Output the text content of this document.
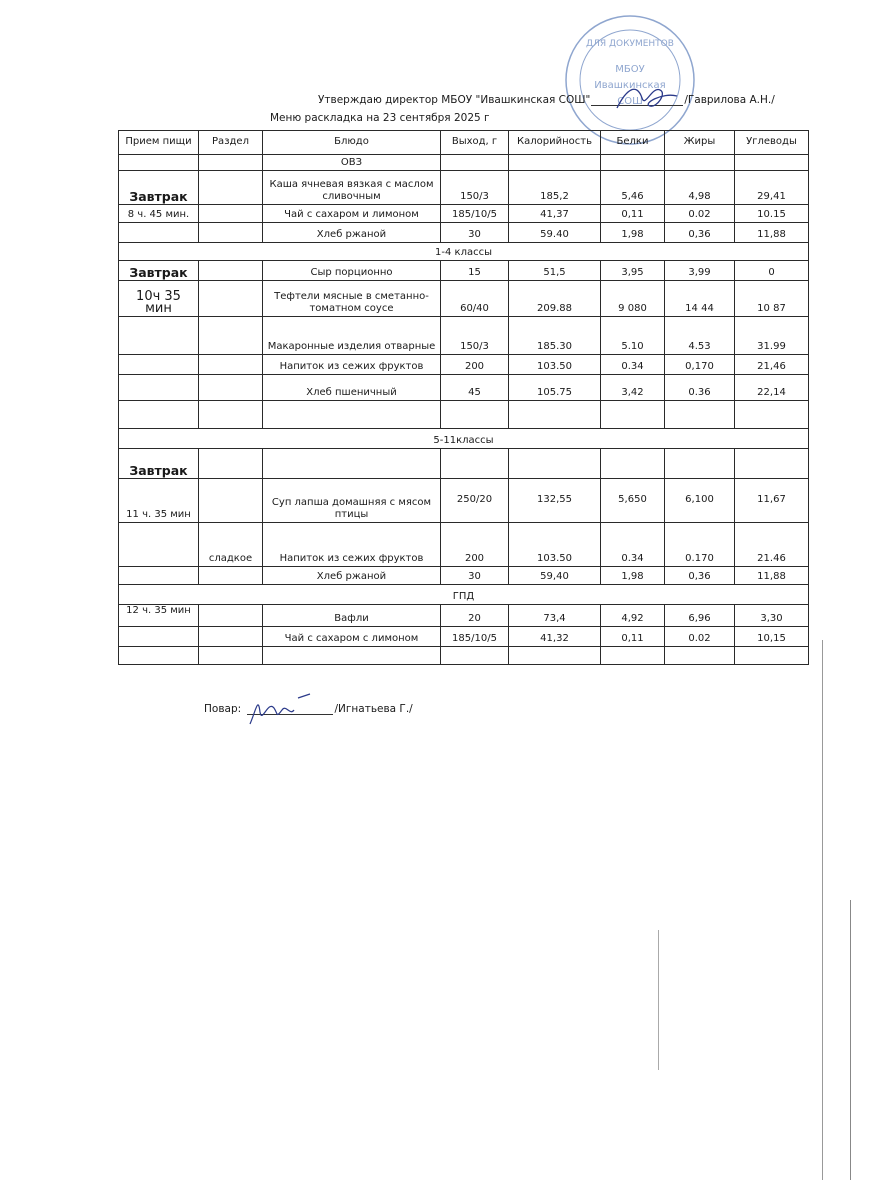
ДЛЯ ДОКУМЕНТОВ
МБОУ
Ивашкинская
СОШ
Утверждаю директор МБОУ "Ивашкинская СОШ"	/Гаврилова А.Н./
Меню раскладка на 23 сентября 2025 г
Прием пищи	Раздел	Блюдо	Выход, г	Калорийность	Белки	Жиры	Углеводы
		ОВЗ					
Завтрак		Каша ячневая вязкая с маслом сливочным	150/3	185,2	5,46	4,98	29,41
8 ч. 45 мин.		Чай с сахаром и лимоном	185/10/5	41,37	0,11	0.02	10.15
		Хлеб ржаной	30	59.40	1,98	0,36	11,88
1-4 классы							
Завтрак		Сыр порционно	15	51,5	3,95	3,99	0
10ч 35 мин		Тефтели мясные в сметанно-томатном соусе	60/40	209.88	9 080	14 44	10 87
		Макаронные изделия отварные	150/3	185.30	5.10	4.53	31.99
		Напиток из сежих фруктов	200	103.50	0.34	0,170	21,46
		Хлеб пшеничный	45	105.75	3,42	0.36	22,14

5-11классы							
Завтрак							
11 ч. 35 мин		Суп лапша домашняя с мясом птицы	250/20	132,55	5,650	6,100	11,67
	сладкое	Напиток из сежих фруктов	200	103.50	0.34	0.170	21.46
		Хлеб ржаной	30	59,40	1,98	0,36	11,88
ГПД							
12 ч. 35 мин		Вафли	20	73,4	4,92	6,96	3,30
		Чай с сахаром с лимоном	185/10/5	41,32	0,11	0.02	10,15

Повар:	/Игнатьева Г./
